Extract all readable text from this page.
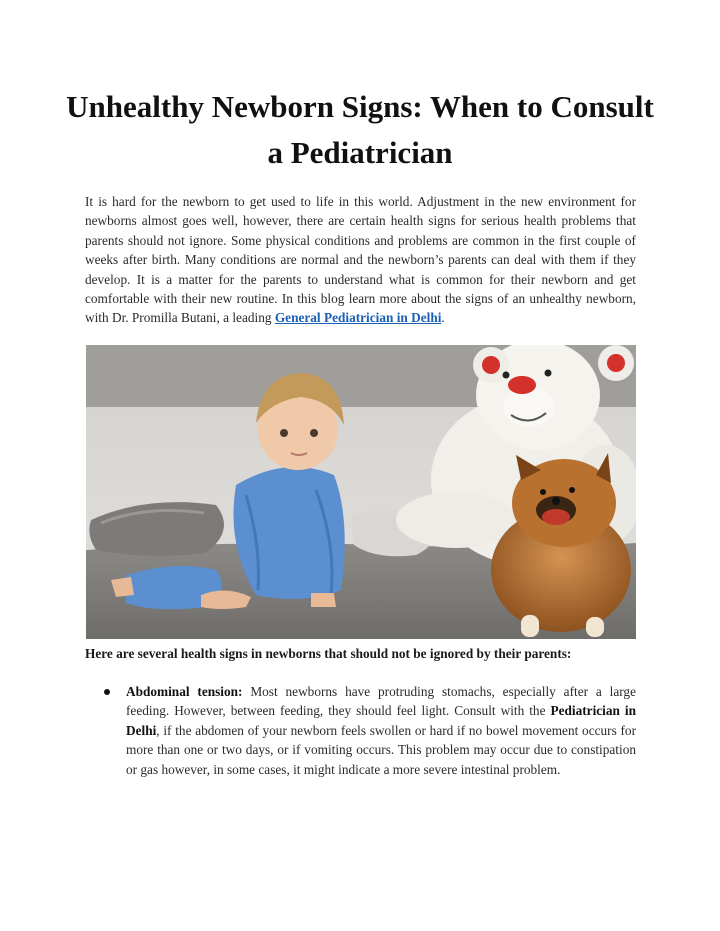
Unhealthy Newborn Signs: When to Consult a Pediatrician

It is hard for the newborn to get used to life in this world. Adjustment in the new environment for newborns almost goes well, however, there are certain health signs for serious health problems that parents should not ignore. Some physical conditions and problems are common in the first couple of weeks after birth. Many conditions are normal and the newborn’s parents can deal with them if they develop. It is a matter for the parents to understand what is common for their newborn and get comfortable with their new routine. In this blog learn more about the signs of an unhealthy newborn, with Dr. Promilla Butani, a leading General Pediatrician in Delhi.

Here are several health signs in newborns that should not be ignored by their parents:

Abdominal tension: Most newborns have protruding stomachs, especially after a large feeding. However, between feeding, they should feel light. Consult with the Pediatrician in Delhi, if the abdomen of your newborn feels swollen or hard if no bowel movement occurs for more than one or two days, or if vomiting occurs. This problem may occur due to constipation or gas however, in some cases, it might indicate a more severe intestinal problem.
